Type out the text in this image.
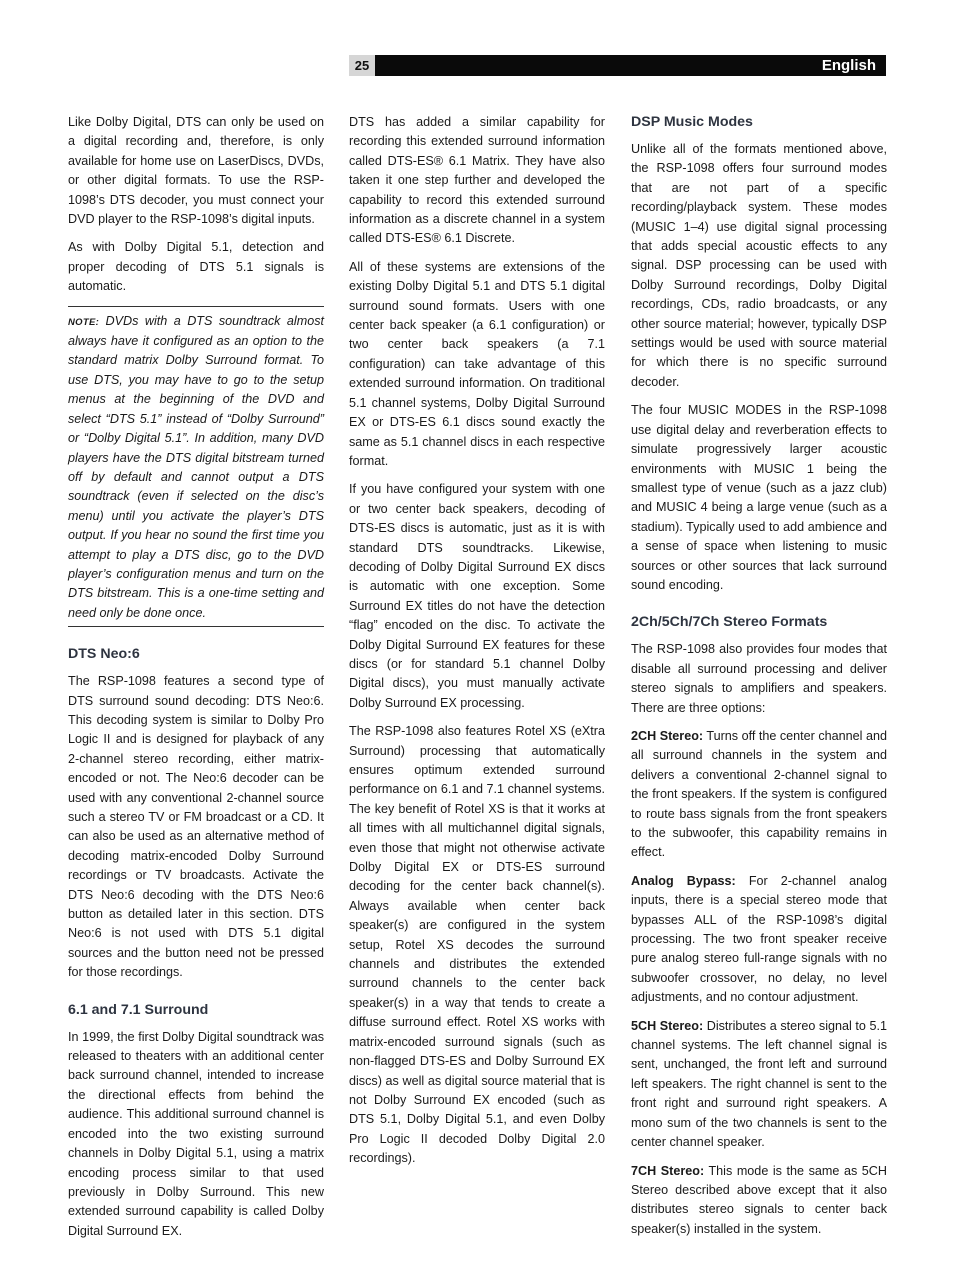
English
25

Like Dolby Digital, DTS can only be used on a digital recording and, therefore, is only available for home use on LaserDiscs, DVDs, or other digital formats. To use the RSP-1098’s DTS decoder, you must connect your DVD player to the RSP-1098’s digital inputs.

As with Dolby Digital 5.1, detection and proper decoding of DTS 5.1 signals is automatic.

NOTE: DVDs with a DTS soundtrack almost always have it configured as an option to the standard matrix Dolby Surround format. To use DTS, you may have to go to the setup menus at the beginning of the DVD and select “DTS 5.1” instead of “Dolby Surround” or “Dolby Digital 5.1”. In addition, many DVD players have the DTS digital bitstream turned off by default and cannot output a DTS soundtrack (even if selected on the disc’s menu) until you activate the player’s DTS output. If you hear no sound the first time you attempt to play a DTS disc, go to the DVD player’s configuration menus and turn on the DTS bitstream. This is a one-time setting and need only be done once.
DTS Neo:6

The RSP-1098 features a second type of DTS surround sound decoding: DTS Neo:6. This decoding system is similar to Dolby Pro Logic II and is designed for playback of any 2-channel stereo recording, either matrix-encoded or not. The Neo:6 decoder can be used with any conventional 2-channel source such a stereo TV or FM broadcast or a CD. It can also be used as an alternative method of decoding matrix-encoded Dolby Surround recordings or TV broadcasts. Activate the DTS Neo:6 decoding with the DTS Neo:6 button as detailed later in this section. DTS Neo:6 is not used with DTS 5.1 digital sources and the button need not be pressed for those recordings.

6.1 and 7.1 Surround

In 1999, the first Dolby Digital soundtrack was released to theaters with an additional center back surround channel, intended to increase the directional effects from behind the audience. This additional surround channel is encoded into the two existing surround channels in Dolby Digital 5.1, using a matrix encoding process similar to that used previously in Dolby Surround. This new extended surround capability is called Dolby Digital Surround EX.

DTS has added a similar capability for recording this extended surround information called DTS-ES® 6.1 Matrix. They have also taken it one step further and developed the capability to record this extended surround information as a discrete channel in a system called DTS-ES® 6.1 Discrete.

All of these systems are extensions of the existing Dolby Digital 5.1 and DTS 5.1 digital surround sound formats. Users with one center back speaker (a 6.1 configuration) or two center back speakers (a 7.1 configuration) can take advantage of this extended surround information. On traditional 5.1 channel systems, Dolby Digital Surround EX or DTS-ES 6.1 discs sound exactly the same as 5.1 channel discs in each respective format.

If you have configured your system with one or two center back speakers, decoding of DTS-ES discs is automatic, just as it is with standard DTS soundtracks. Likewise, decoding of Dolby Digital Surround EX discs is automatic with one exception. Some Surround EX titles do not have the detection “flag” encoded on the disc. To activate the Dolby Digital Surround EX features for these discs (or for standard 5.1 channel Dolby Digital discs), you must manually activate Dolby Surround EX processing.

The RSP-1098 also features Rotel XS (eXtra Surround) processing that automatically ensures optimum extended surround performance on 6.1 and 7.1 channel systems. The key benefit of Rotel XS is that it works at all times with all multichannel digital signals, even those that might not otherwise activate Dolby Digital EX or DTS-ES surround decoding for the center back channel(s). Always available when center back speaker(s) are configured in the system setup, Rotel XS decodes the surround channels and distributes the extended surround channels to the center back speaker(s) in a way that tends to create a diffuse surround effect. Rotel XS works with matrix-encoded surround signals (such as non-flagged DTS-ES and Dolby Surround EX discs) as well as digital source material that is not Dolby Surround EX encoded (such as DTS 5.1, Dolby Digital 5.1, and even Dolby Pro Logic II decoded Dolby Digital 2.0 recordings).

DSP Music Modes

Unlike all of the formats mentioned above, the RSP-1098 offers four surround modes that are not part of a specific recording/playback system. These modes (MUSIC 1–4) use digital signal processing that adds special acoustic effects to any signal. DSP processing can be used with Dolby Surround recordings, Dolby Digital recordings, CDs, radio broadcasts, or any other source material; however, typically DSP settings would be used with source material for which there is no specific surround decoder.

The four MUSIC MODES in the RSP-1098 use digital delay and reverberation effects to simulate progressively larger acoustic environments with MUSIC 1 being the smallest type of venue (such as a jazz club) and MUSIC 4 being a large venue (such as a stadium). Typically used to add ambience and a sense of space when listening to music sources or other sources that lack surround sound encoding.

2Ch/5Ch/7Ch Stereo Formats

The RSP-1098 also provides four modes that disable all surround processing and deliver stereo signals to amplifiers and speakers. There are three options:

2CH Stereo: Turns off the center channel and all surround channels in the system and delivers a conventional 2-channel signal to the front speakers. If the system is configured to route bass signals from the front speakers to the subwoofer, this capability remains in effect.

Analog Bypass: For 2-channel analog inputs, there is a special stereo mode that bypasses ALL of the RSP-1098’s digital processing. The two front speaker receive pure analog stereo full-range signals with no subwoofer crossover, no delay, no level adjustments, and no contour adjustment.

5CH Stereo: Distributes a stereo signal to 5.1 channel systems. The left channel signal is sent, unchanged, the front left and surround left speakers. The right channel is sent to the front right and surround right speakers. A mono sum of the two channels is sent to the center channel speaker.

7CH Stereo: This mode is the same as 5CH Stereo described above except that it also distributes stereo signals to center back speaker(s) installed in the system.
